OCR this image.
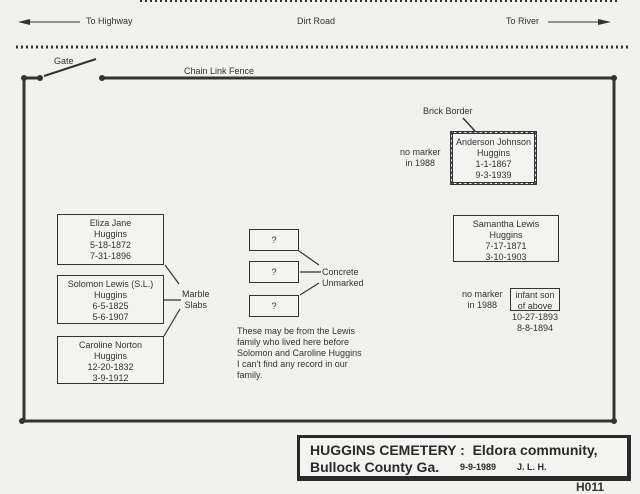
To Highway	Dirt Road	To River
Gate
Chain Link Fence
Brick Border
no marker
in 1988
Anderson Johnson
Huggins
1-1-1867
9-3-1939
Eliza Jane
Huggins
5-18-1872
7-31-1896
Solomon Lewis (S.L.)
Huggins
6-5-1825
5-6-1907
Caroline Norton
Huggins
12-20-1832
3-9-1912
Marble
Slabs
?
?
?
Concrete
Unmarked
These may be from the Lewis
family who lived here before
Solomon and Caroline Huggins
I can't find any record in our
family.
Samantha Lewis
Huggins
7-17-1871
3-10-1903
no marker
in 1988
infant son
of above
10-27-1893
8-8-1894
HUGGINS CEMETERY :  Eldora community,
Bullock County Ga. 9-9-1989 J. L. H.
H011
